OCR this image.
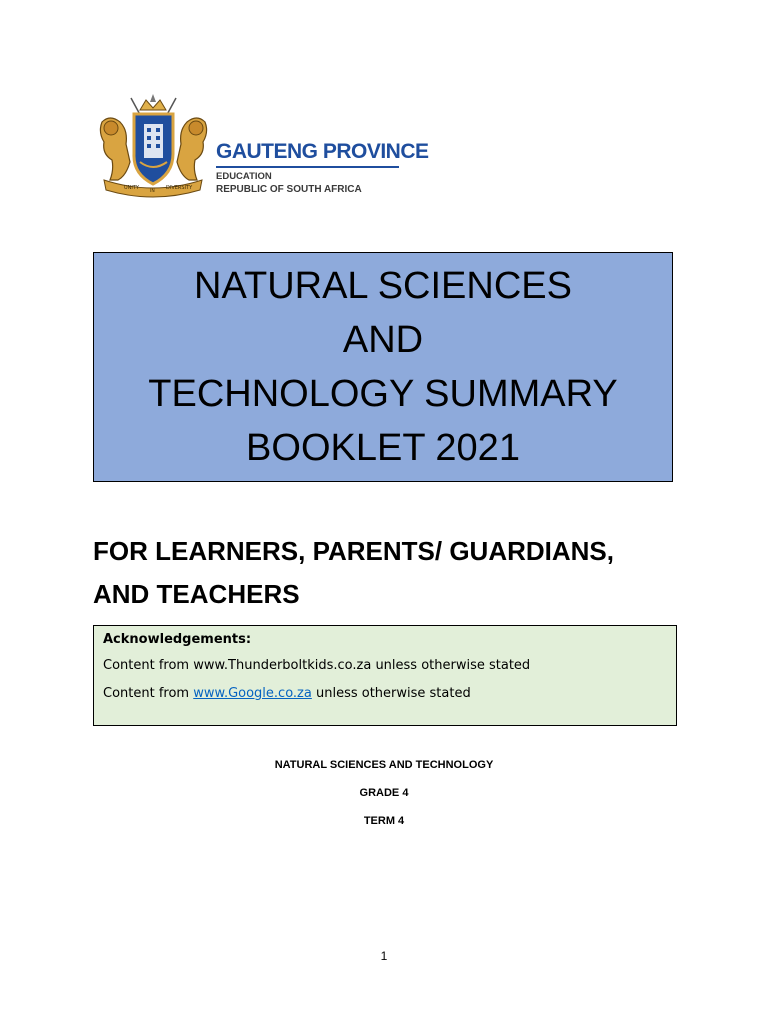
UNITY
IN
DIVERSITY
GAUTENG PROVINCE
EDUCATION
REPUBLIC OF SOUTH AFRICA
NATURAL SCIENCES
AND
TECHNOLOGY SUMMARY
BOOKLET 2021
FOR LEARNERS, PARENTS/ GUARDIANS,
AND TEACHERS

Acknowledgements:

Content from www.Thunderboltkids.co.za unless otherwise stated

Content from www.Google.co.za unless otherwise stated

NATURAL SCIENCES AND TECHNOLOGY
GRADE 4
TERM 4
1
